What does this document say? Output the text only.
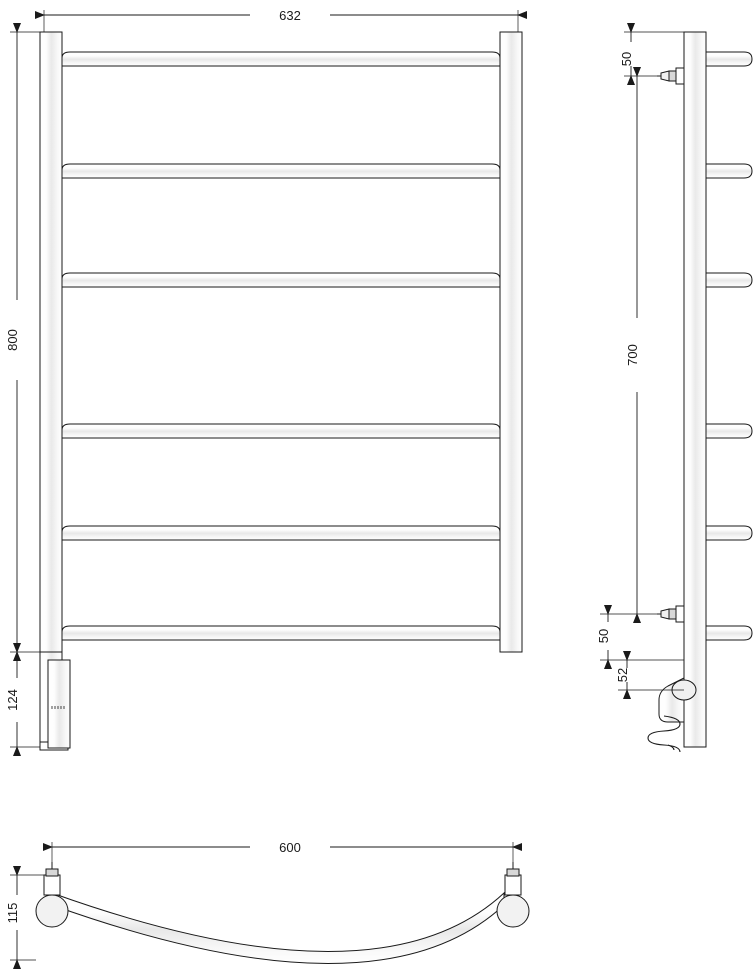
632
800
124
50
700
50
52
600
115
